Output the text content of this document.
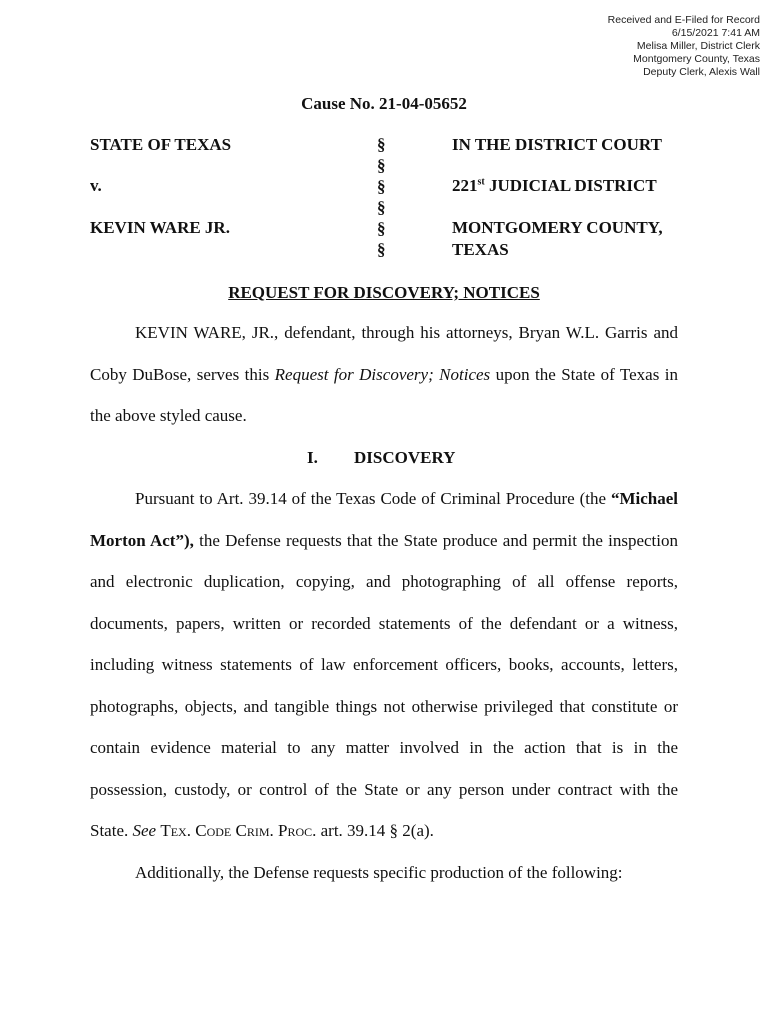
Received and E-Filed for Record
6/15/2021 7:41 AM
Melisa Miller, District Clerk
Montgomery County, Texas
Deputy Clerk, Alexis Wall
Cause No. 21-04-05652
STATE OF TEXAS
v.
KEVIN WARE JR.
§
§
§
§
§
§
IN THE DISTRICT COURT
221st JUDICIAL DISTRICT
MONTGOMERY COUNTY,
TEXAS
REQUEST FOR DISCOVERY; NOTICES
KEVIN WARE, JR., defendant, through his attorneys, Bryan W.L. Garris and Coby DuBose, serves this Request for Discovery; Notices upon the State of Texas in the above styled cause.
I. DISCOVERY
Pursuant to Art. 39.14 of the Texas Code of Criminal Procedure (the “Michael Morton Act”), the Defense requests that the State produce and permit the inspection and electronic duplication, copying, and photographing of all offense reports, documents, papers, written or recorded statements of the defendant or a witness, including witness statements of law enforcement officers, books, accounts, letters, photographs, objects, and tangible things not otherwise privileged that constitute or contain evidence material to any matter involved in the action that is in the possession, custody, or control of the State or any person under contract with the State. See Tex. Code Crim. Proc. art. 39.14 § 2(a).
Additionally, the Defense requests specific production of the following:
